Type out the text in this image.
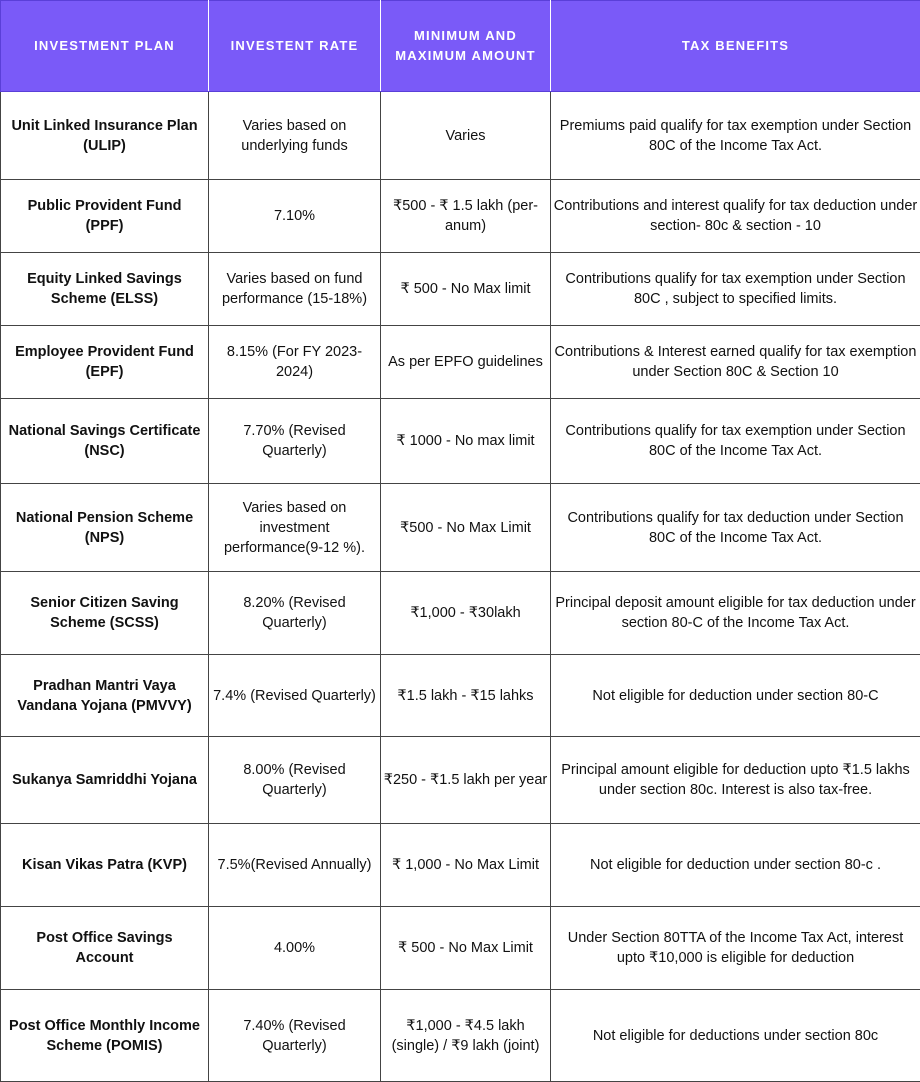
INVESTMENT PLAN	INVESTENT RATE	MINIMUM AND MAXIMUM AMOUNT	TAX BENEFITS
Unit Linked Insurance Plan (ULIP)	Varies based on underlying funds	Varies	Premiums paid qualify for tax exemption under Section 80C of the Income Tax Act.
Public Provident Fund (PPF)	7.10%	₹500 - ₹ 1.5 lakh (per-anum)	Contributions and interest qualify for tax deduction under section- 80c & section - 10
Equity Linked Savings Scheme (ELSS)	Varies based on fund performance (15-18%)	₹ 500 - No Max limit	Contributions qualify for tax exemption under Section 80C , subject to specified limits.
Employee Provident Fund (EPF)	8.15% (For FY 2023-2024)	As per EPFO guidelines	Contributions & Interest earned qualify for tax exemption under Section 80C & Section 10
National Savings Certificate (NSC)	7.70% (Revised Quarterly)	₹ 1000 - No max limit	Contributions qualify for tax exemption under Section 80C of the Income Tax Act.
National Pension Scheme (NPS)	Varies based on investment performance(9-12 %).	₹500 - No Max Limit	Contributions qualify for tax deduction under Section 80C of the Income Tax Act.
Senior Citizen Saving Scheme (SCSS)	8.20% (Revised Quarterly)	₹1,000 - ₹30lakh	Principal deposit amount eligible for tax deduction under section 80-C of the Income Tax Act.
Pradhan Mantri Vaya Vandana Yojana (PMVVY)	7.4% (Revised Quarterly)	₹1.5 lakh - ₹15 lahks	Not eligible for deduction under section 80-C
Sukanya Samriddhi Yojana	8.00% (Revised Quarterly)	₹250 - ₹1.5 lakh per year	Principal amount eligible for deduction upto ₹1.5 lakhs under section 80c. Interest is also tax-free.
Kisan Vikas Patra (KVP)	7.5%(Revised Annually)	₹ 1,000 - No Max Limit	Not eligible for deduction under section 80-c .
Post Office Savings Account	4.00%	₹ 500 - No Max Limit	Under Section 80TTA of the Income Tax Act, interest upto ₹10,000 is eligible for deduction
Post Office Monthly Income Scheme (POMIS)	7.40% (Revised Quarterly)	₹1,000 - ₹4.5 lakh (single) / ₹9 lakh (joint)	Not eligible for deductions under section 80c
